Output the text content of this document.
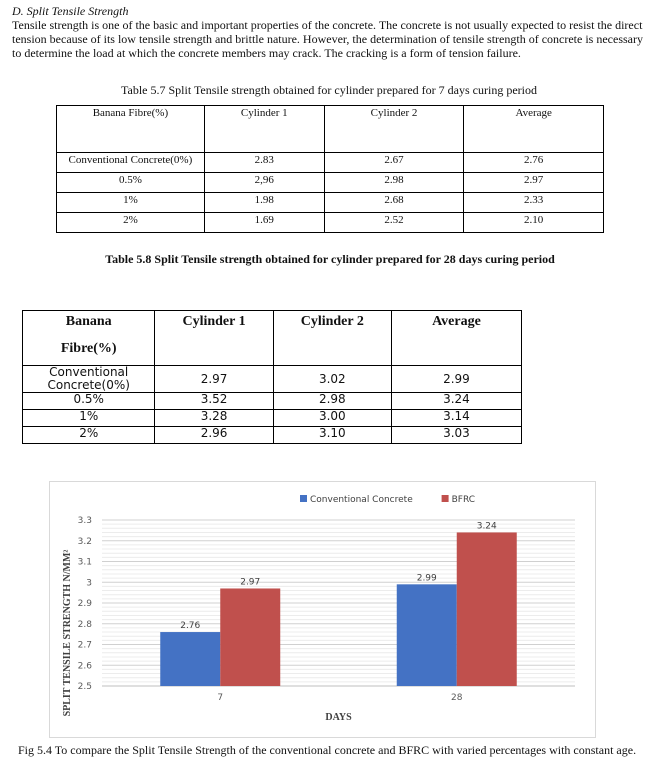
D. Split Tensile Strength
Tensile strength is one of the basic and important properties of the concrete. The concrete is not usually expected to resist the direct tension because of its low tensile strength and brittle nature. However, the determination of tensile strength of concrete is necessary to determine the load at which the concrete members may crack. The cracking is a form of tension failure.
Table 5.7 Split Tensile strength obtained for cylinder prepared for 7 days curing period
Banana Fibre(%)	Cylinder 1	Cylinder 2	Average
Conventional Concrete(0%)	2.83	2.67	2.76
0.5%	2,96	2.98	2.97
1%	1.98	2.68	2.33
2%	1.69	2.52	2.10
Table 5.8 Split Tensile strength obtained for cylinder prepared for 28 days curing period
Banana
Fibre(%)	Cylinder 1	Cylinder 2	Average

Conventional
Concrete(0%)	2.97	3.02	2.99
0.5%	3.52	2.98	3.24
1%	3.28	3.00	3.14
2%	2.96	3.10	3.03
2.5
2.6
2.7
2.8
2.9
3
3.1
3.2
3.3
2.76
2.97
7
2.99
3.24
28
DAYS
SPLIT TENSILE STRENGTH N/MM²
Conventional Concrete	BFRC
Fig 5.4 To compare the Split Tensile Strength of the conventional concrete and BFRC with varied percentages with constant age.
